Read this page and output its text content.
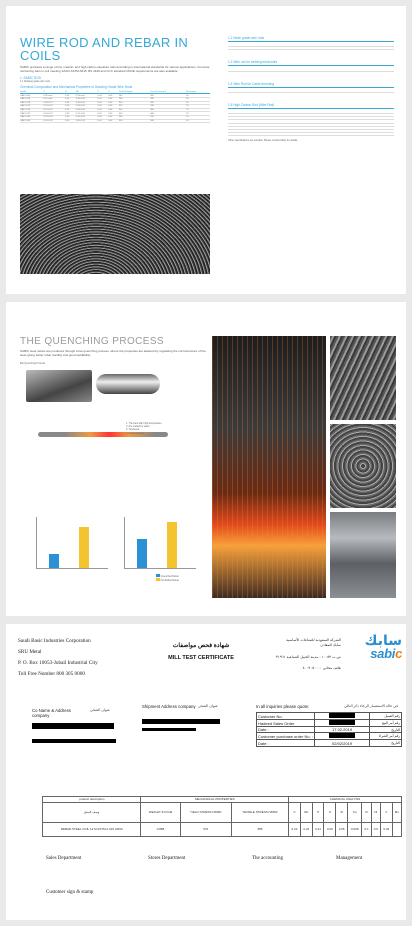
WIRE ROD AND REBAR IN COILS

SABIC produces a range of low, medium and high carbon steelwire rods according to international standards for various applications. Concrete reinforcing bars in coil meeting SASO ASTM A615, BS 4449 and CCC standard CDOE requirements are also available.

1. SABIC ROD

1.1 Drawing grade wire rods

Chemical Composition and Mechanical Properties of Drawing Grade Wire Rods

Grade	C	Si	Mn	P	S	Yield Strength	Tensile Strength	Elongation
SAE 1006	0.08 max	0.30	0.35 max	0.04	0.04	280	360	30
SAE 1008	0.10 max	0.30	0.30-0.50	0.04	0.04	280	380	28
SAE 1010	0.08-0.13	0.30	0.30-0.60	0.04	0.04	300	400	26
SAE 1015	0.13-0.18	0.30	0.30-0.60	0.04	0.04	320	430	25
SAE 1018	0.15-0.20	0.30	0.60-0.90	0.04	0.04	340	460	24
SAE 1022	0.18-0.23	0.30	0.70-1.00	0.04	0.04	360	480	22
SAE 1035	0.32-0.38	0.30	0.60-0.90	0.04	0.04	380	520	20
SAE 1045	0.43-0.50	0.30	0.60-0.90	0.04	0.04	400	580	18

1.2 Mesh grade wire rods

1.3 Wire rod for welding electrodes

1.4 Wire Rod for Cable Armoring

1.5 High Carbon Rod (Wire Rod)

Other specifications are possible. Please contact Sabic for details.

THE QUENCHING PROCESS

SABIC steel rebars are produced through a bar quenching process, where the properties are attained by regulating the microstructure of the steel giving better rebar ductility and good weldability.

Bar Quenching Process

1. The bars with high temperature
2. Are cooled by water
3. Tempered
4. Final structure
Quenched Rebar
Hot Rolled Rebar
Saudi Basic Industries Corporation
SRU Metal
P. O. Box 10053-Jubail Industrial City
Toll Free Number 800 305 0000
شهادة فحص مواصفات
MILL TEST CERTIFICATE
الشركة السعودية للصناعات الأساسية
سابك للمعادن
ص.ب ١٠٠٥٣ - مدينة الجبيل الصناعية ٣١٩٦١
هاتف مجاني ٨٠٠٣٠٥٠٠٠٠
سابك
sabic
Co Name & Address company
عنوان الشحن
Shipment Address company عنوان الشحن	In all inquiries please quote:	في حالة الاستفسار الرجاء ذكر التالي
Customer No.		رقم العميل
Hadeed Sales Order		رقم أمر البيع
Date :	17.02.2019	التاريخ
Customer purchase order No. :		رقم أمر الشراء
Date :	02/02/2019	التاريخ
product description	MECHANICAL PROPERTIES			CHEMICAL ANALYSIS									
وصف المنتج	WEIGHT IN KGM	YIELD STRESS N/MM²	TENSILE STRESS N/MM²	C	Mn	P	S	Si	Cu	Cr	Ni	V	Mo
REBAR STEEL COIL 12 M ASTM A 615 GR60	0.888	570	685	0.22	0.22	0.41	0.06	0.05	0.008	0.1	0.6	0.02	
Sales Department	Stores Department	The accounting	Management
Customer sign & stamp
